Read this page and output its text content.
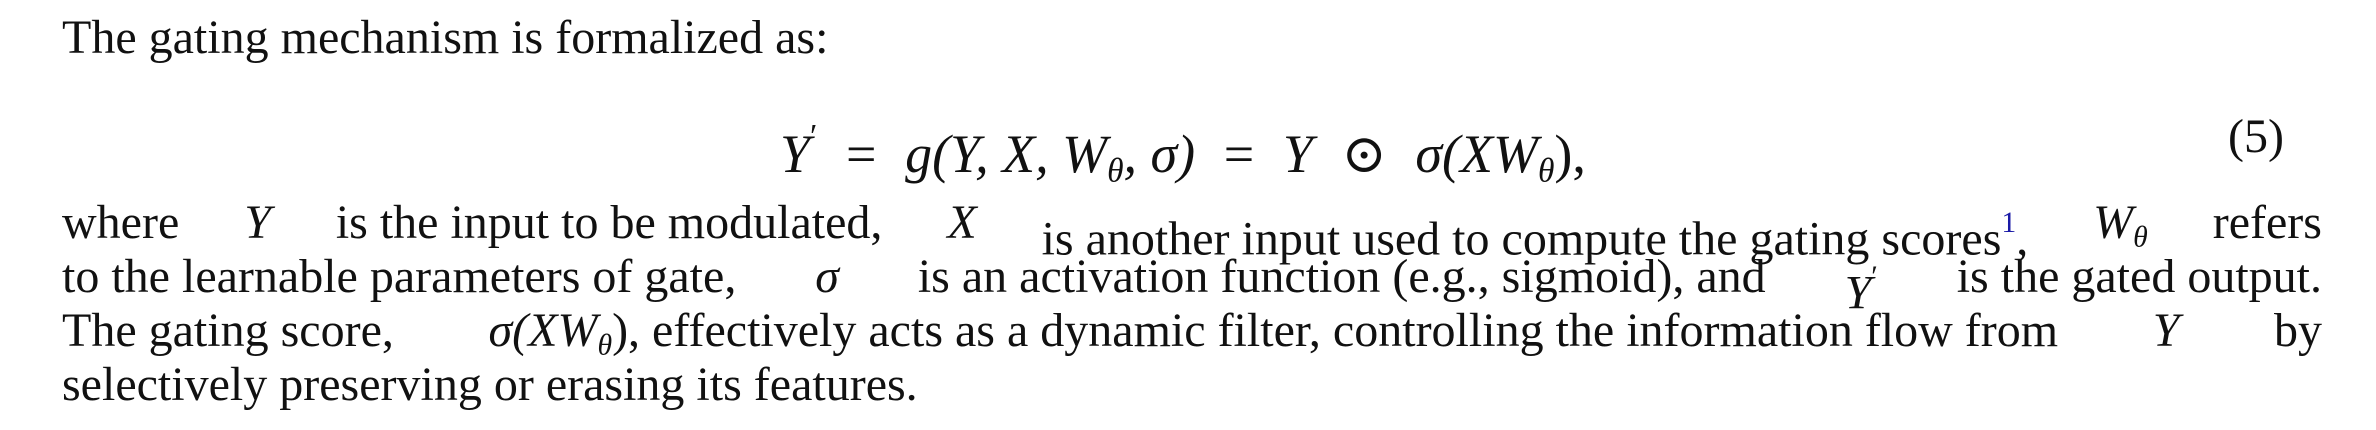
The gating mechanism is formalized as:
Y′ = g(Y, X, $W_\theta$, σ) = Y ⊙ $\sigma(XW_\theta)$,	(5)
where Y is the input to be modulated, X is another input used to compute the gating scores$^1$, $W_\theta$ refers
to the learnable parameters of gate, σ is an activation function (e.g., sigmoid), and Y′ is the gated output.
The gating score, $\sigma(XW_\theta)$, effectively acts as a dynamic filter, controlling the information flow from Y by
selectively preserving or erasing its features.
